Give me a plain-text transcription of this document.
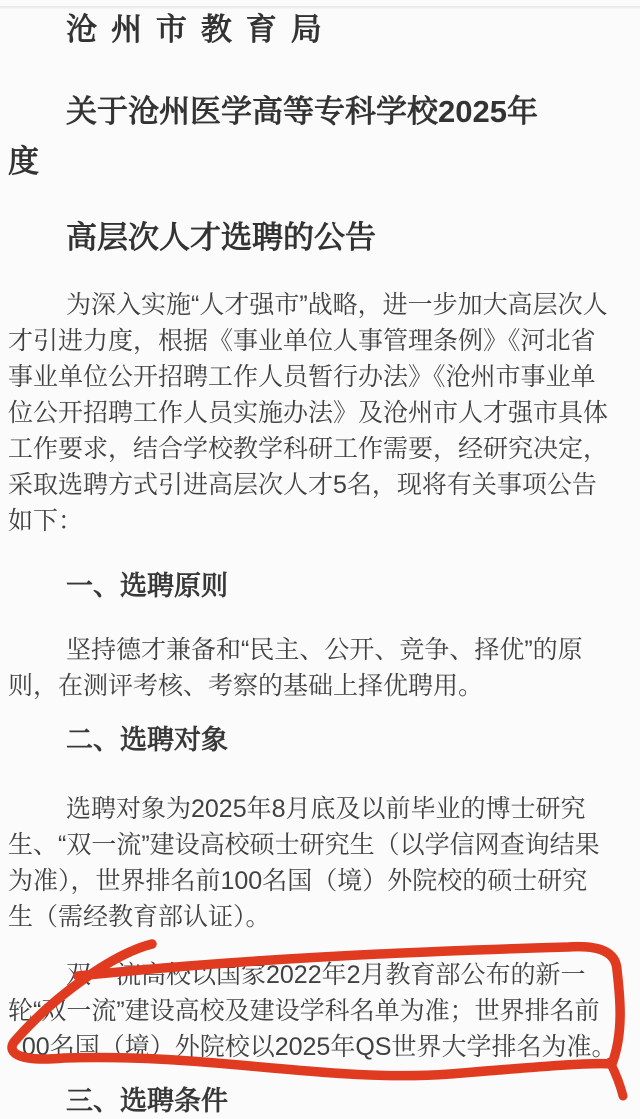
沧州市教育局
关于沧州医学高等专科学校2025年
度
高层次人才选聘的公告
为深入实施“人才强市”战略，进一步加大高层次人
才引进力度，根据《事业单位人事管理条例》《河北省
事业单位公开招聘工作人员暂行办法》《沧州市事业单
位公开招聘工作人员实施办法》及沧州市人才强市具体
工作要求，结合学校教学科研工作需要，经研究决定，
采取选聘方式引进高层次人才5名，现将有关事项公告
如下：
一、选聘原则
坚持德才兼备和“民主、公开、竞争、择优”的原
则，在测评考核、考察的基础上择优聘用。
二、选聘对象
选聘对象为2025年8月底及以前毕业的博士研究
生、“双一流”建设高校硕士研究生（以学信网查询结果
为准），世界排名前100名国（境）外院校的硕士研究
生（需经教育部认证）。
双一流高校以国家2022年2月教育部公布的新一
轮“双一流”建设高校及建设学科名单为准；世界排名前
100名国（境）外院校以2025年QS世界大学排名为准。
三、选聘条件
